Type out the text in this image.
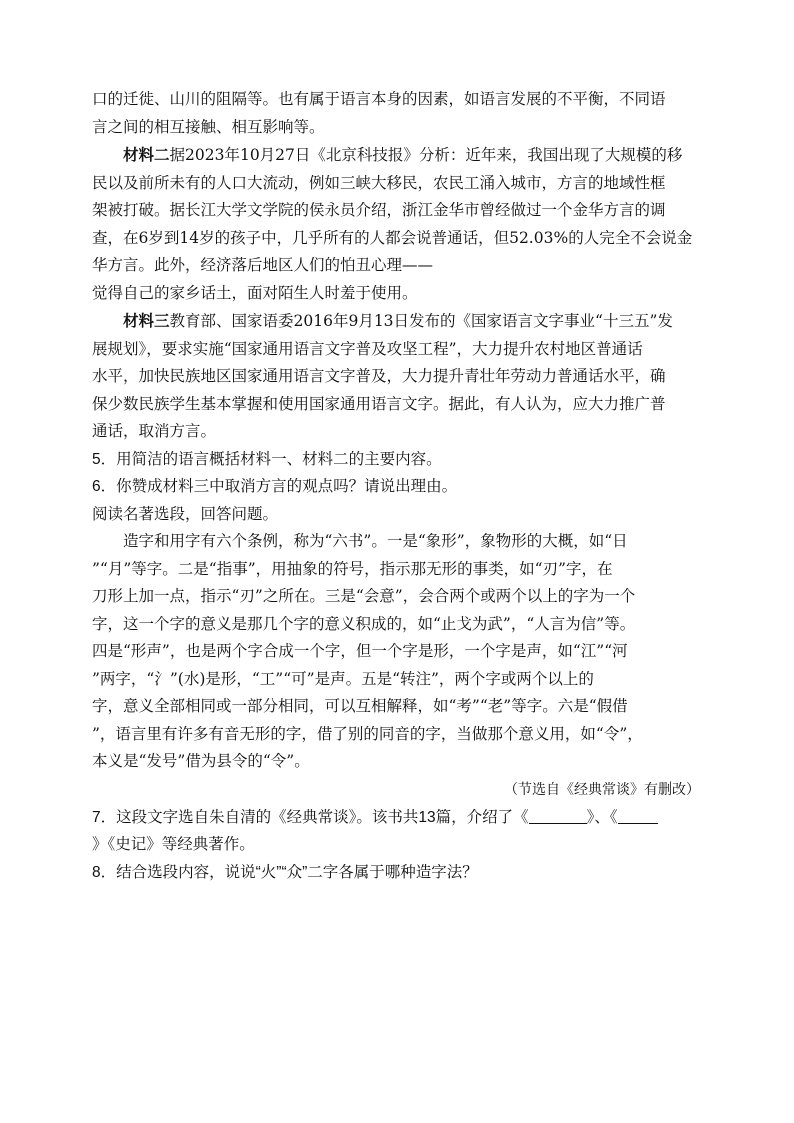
口的迁徙、山川的阻隔等。也有属于语言本身的因素，如语言发展的不平衡，不同语
言之间的相互接触、相互影响等。
材料二据2023年10月27日《北京科技报》分析：近年来，我国出现了大规模的移
民以及前所未有的人口大流动，例如三峡大移民，农民工涌入城市，方言的地域性框
架被打破。据长江大学文学院的侯永员介绍，浙江金华市曾经做过一个金华方言的调
查，在6岁到14岁的孩子中，几乎所有的人都会说普通话，但52.03%的人完全不会说金
华方言。此外，经济落后地区人们的怕丑心理——
觉得自己的家乡话土，面对陌生人时羞于使用。
材料三教育部、国家语委2016年9月13日发布的《国家语言文字事业“十三五”发
展规划》，要求实施“国家通用语言文字普及攻坚工程”，大力提升农村地区普通话
水平，加快民族地区国家通用语言文字普及，大力提升青壮年劳动力普通话水平，确
保少数民族学生基本掌握和使用国家通用语言文字。据此，有人认为，应大力推广普
通话，取消方言。

5．用简洁的语言概括材料一、材料二的主要内容。

6．你赞成材料三中取消方言的观点吗？请说出理由。

阅读名著选段，回答问题。

造字和用字有六个条例，称为“六书”。一是“象形”，象物形的大概，如“日
”“月”等字。二是“指事”，用抽象的符号，指示那无形的事类，如“刃”字，在
刀形上加一点，指示“刃”之所在。三是“会意”，会合两个或两个以上的字为一个
字，这一个字的意义是那几个字的意义积成的，如“止戈为武”，“人言为信”等。
四是“形声”，也是两个字合成一个字，但一个字是形，一个字是声，如“江”“河
”两字，“氵”(水)是形，“工”“可”是声。五是“转注”，两个字或两个以上的
字，意义全部相同或一部分相同，可以互相解释，如“考”“老”等字。六是“假借
”，语言里有许多有音无形的字，借了别的同音的字，当做那个意义用，如“令”，
本义是“发号”借为县令的“令”。
（节选自《经典常谈》有删改）

7．这段文字选自朱自清的《经典常谈》。该书共13篇，介绍了《	》、《
》《史记》等经典著作。

8．结合选段内容，说说“火”“众”二字各属于哪种造字法？
